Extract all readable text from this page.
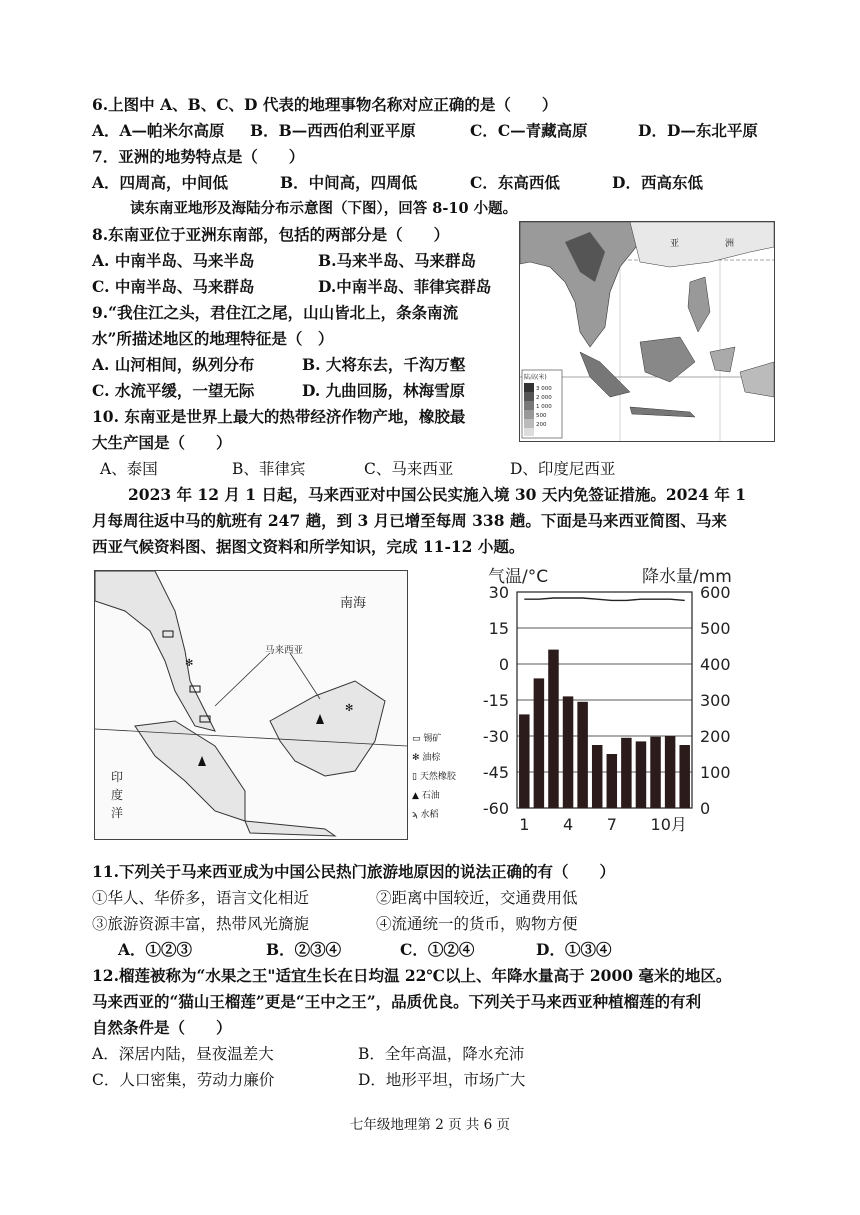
6.上图中 A、B、C、D 代表的地理事物名称对应正确的是（　　）
A．A—帕米尔高原 B．B—西西伯利亚平原	C．C—青藏高原	D．D—东北平原
7．亚洲的地势特点是（　　）
A．四周高，中间低	B．中间高，四周低	C．东高西低	D．西高东低
读东南亚地形及海陆分布示意图（下图），回答 8-10 小题。
8.东南亚位于亚洲东南部，包括的两部分是（　　）
A. 中南半岛、马来半岛	B.马来半岛、马来群岛
C. 中南半岛、马来群岛	D.中南半岛、菲律宾群岛
9.“我住江之头，君住江之尾，山山皆北上，条条南流
水”所描述地区的地理特征是（　）
A. 山河相间，纵列分布	B. 大将东去，千沟万壑
C. 水流平缓，一望无际	D. 九曲回肠，林海雪原
10. 东南亚是世界上最大的热带经济作物产地，橡胶最
大生产国是（　　）
A、泰国	B、菲律宾	C、马来西亚	D、印度尼西亚
亚	洲
陆高(米)
3 000
2 000
1 000
500
200
2023 年 12 月 1 日起，马来西亚对中国公民实施入境 30 天内免签证措施。2024 年 1
月每周往返中马的航班有 247 趟，到 3 月已增至每周 338 趟。下面是马来西亚简图、马来
西亚气候资料图、据图文资料和所学知识，完成 11-12 小题。
南海
马来西亚
印
度
洋
✻
✻
▭ 锡矿
✻ 油棕
▯ 天然橡胶
▲ 石油
ϡ 水稻
气温/°C	降水量/mm
30
15
0
-15
-30
-45
-60
600
500
400
300
200
100
0
1 4 7 10月
11.下列关于马来西亚成为中国公民热门旅游地原因的说法正确的有（　　）
①华人、华侨多，语言文化相近	②距离中国较近，交通费用低
③旅游资源丰富，热带风光旖旎	④流通统一的货币，购物方便
A．①②③	B．②③④	C．①②④	D．①③④
12.榴莲被称为“水果之王"适宜生长在日均温 22℃以上、年降水量高于 2000 毫米的地区。
马来西亚的“猫山王榴莲”更是“王中之王”，品质优良。下列关于马来西亚种植榴莲的有利
自然条件是（　　）
A．深居内陆，昼夜温差大	B．全年高温，降水充沛
C．人口密集，劳动力廉价	D．地形平坦，市场广大
七年级地理第 2 页 共 6 页
